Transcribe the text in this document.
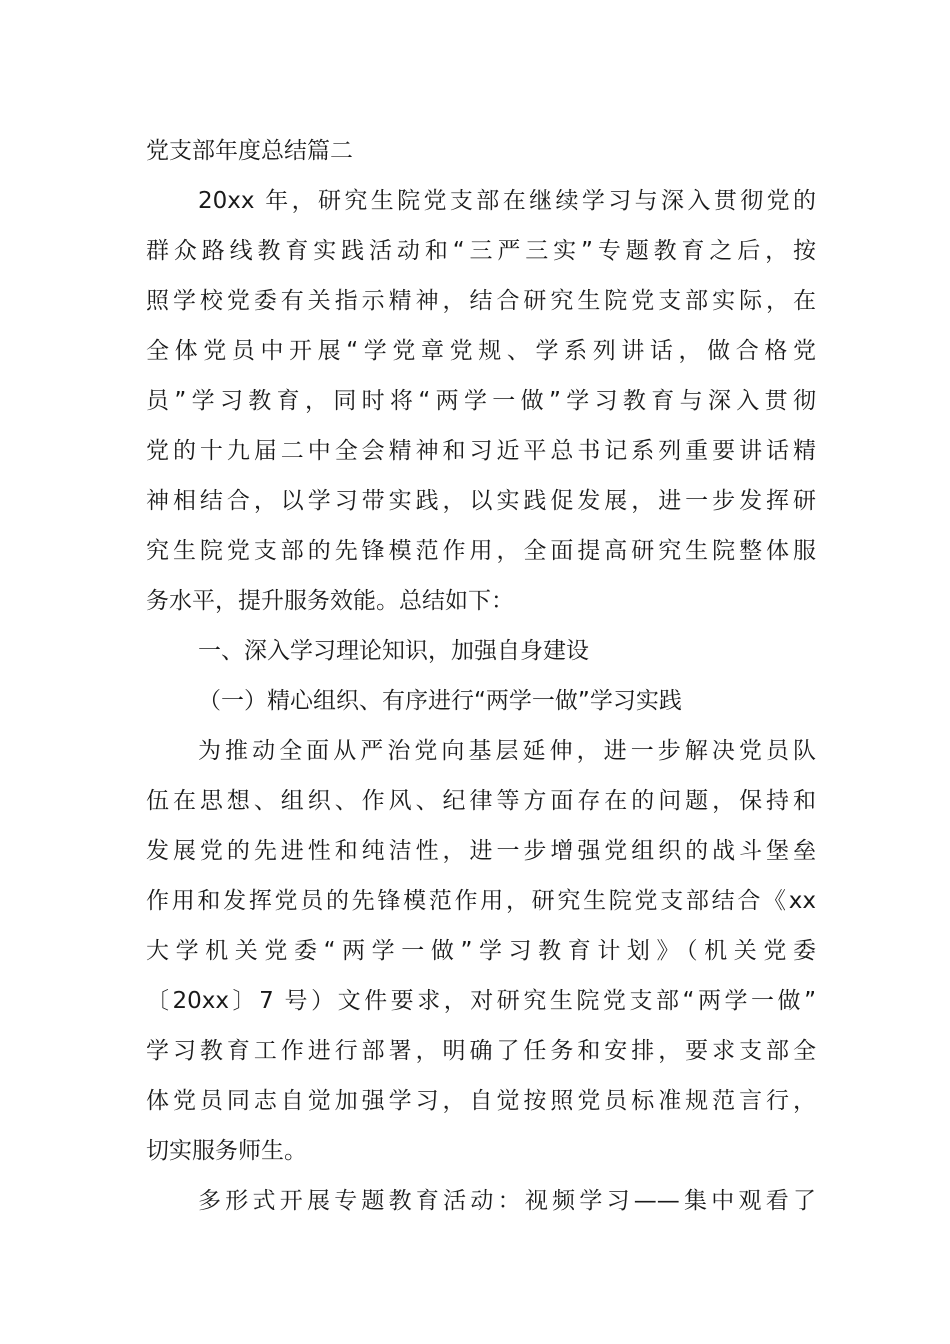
党支部年度总结篇二
20xx 年，研究生院党支部在继续学习与深入贯彻党的
群众路线教育实践活动和“三严三实”专题教育之后，按
照学校党委有关指示精神，结合研究生院党支部实际，在
全体党员中开展“学党章党规、学系列讲话，做合格党
员”学习教育，同时将“两学一做”学习教育与深入贯彻
党的十九届二中全会精神和习近平总书记系列重要讲话精
神相结合，以学习带实践，以实践促发展，进一步发挥研
究生院党支部的先锋模范作用，全面提高研究生院整体服
务水平，提升服务效能。总结如下：
一、深入学习理论知识，加强自身建设
（一）精心组织、有序进行“两学一做”学习实践
为推动全面从严治党向基层延伸，进一步解决党员队
伍在思想、组织、作风、纪律等方面存在的问题，保持和
发展党的先进性和纯洁性，进一步增强党组织的战斗堡垒
作用和发挥党员的先锋模范作用，研究生院党支部结合《xx
大学机关党委“两学一做”学习教育计划》（机关党委
〔20xx〕7 号）文件要求，对研究生院党支部“两学一做”
学习教育工作进行部署，明确了任务和安排，要求支部全
体党员同志自觉加强学习，自觉按照党员标准规范言行，
切实服务师生。
多形式开展专题教育活动：视频学习——集中观看了
